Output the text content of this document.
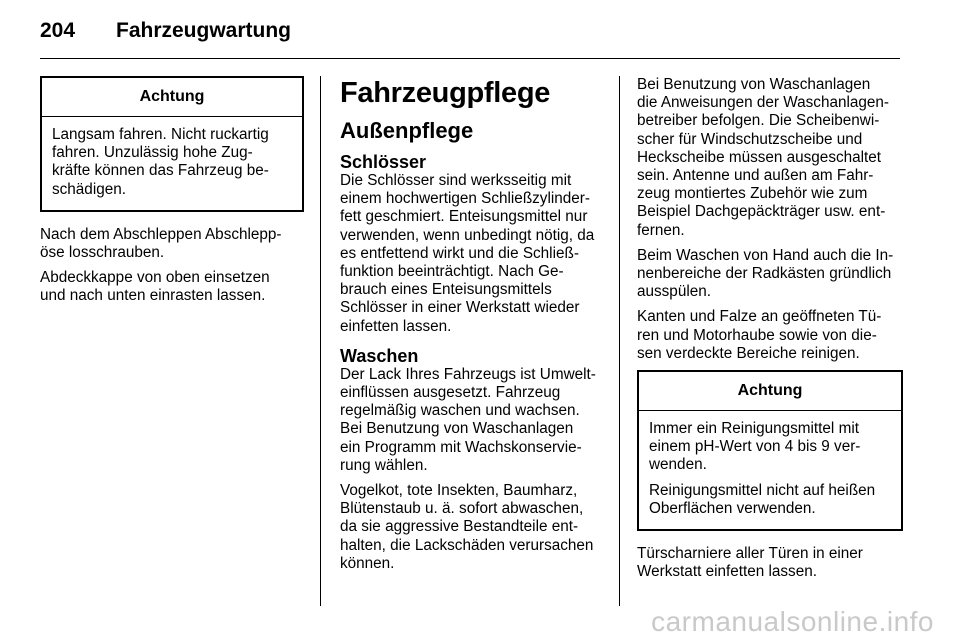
204	Fahrzeugwartung
Achtung

Langsam fahren. Nicht ruckartig
fahren. Unzulässig hohe Zug-
kräfte können das Fahrzeug be-
schädigen.

Nach dem Abschleppen Abschlepp-
öse losschrauben.

Abdeckkappe von oben einsetzen
und nach unten einrasten lassen.

Fahrzeugpflege
Außenpflege
Schlösser

Die Schlösser sind werksseitig mit
einem hochwertigen Schließzylinder-
fett geschmiert. Enteisungsmittel nur
verwenden, wenn unbedingt nötig, da
es entfettend wirkt und die Schließ-
funktion beeinträchtigt. Nach Ge-
brauch eines Enteisungsmittels
Schlösser in einer Werkstatt wieder
einfetten lassen.

Waschen

Der Lack Ihres Fahrzeugs ist Umwelt-
einflüssen ausgesetzt. Fahrzeug
regelmäßig waschen und wachsen.
Bei Benutzung von Waschanlagen
ein Programm mit Wachskonservie-
rung wählen.

Vogelkot, tote Insekten, Baumharz,
Blütenstaub u. ä. sofort abwaschen,
da sie aggressive Bestandteile ent-
halten, die Lackschäden verursachen
können.

Bei Benutzung von Waschanlagen
die Anweisungen der Waschanlagen-
betreiber befolgen. Die Scheibenwi-
scher für Windschutzscheibe und
Heckscheibe müssen ausgeschaltet
sein. Antenne und außen am Fahr-
zeug montiertes Zubehör wie zum
Beispiel Dachgepäckträger usw. ent-
fernen.

Beim Waschen von Hand auch die In-
nenbereiche der Radkästen gründlich
ausspülen.

Kanten und Falze an geöffneten Tü-
ren und Motorhaube sowie von die-
sen verdeckte Bereiche reinigen.

Achtung

Immer ein Reinigungsmittel mit
einem pH-Wert von 4 bis 9 ver-
wenden.

Reinigungsmittel nicht auf heißen
Oberflächen verwenden.

Türscharniere aller Türen in einer
Werkstatt einfetten lassen.

carmanualsonline.info
